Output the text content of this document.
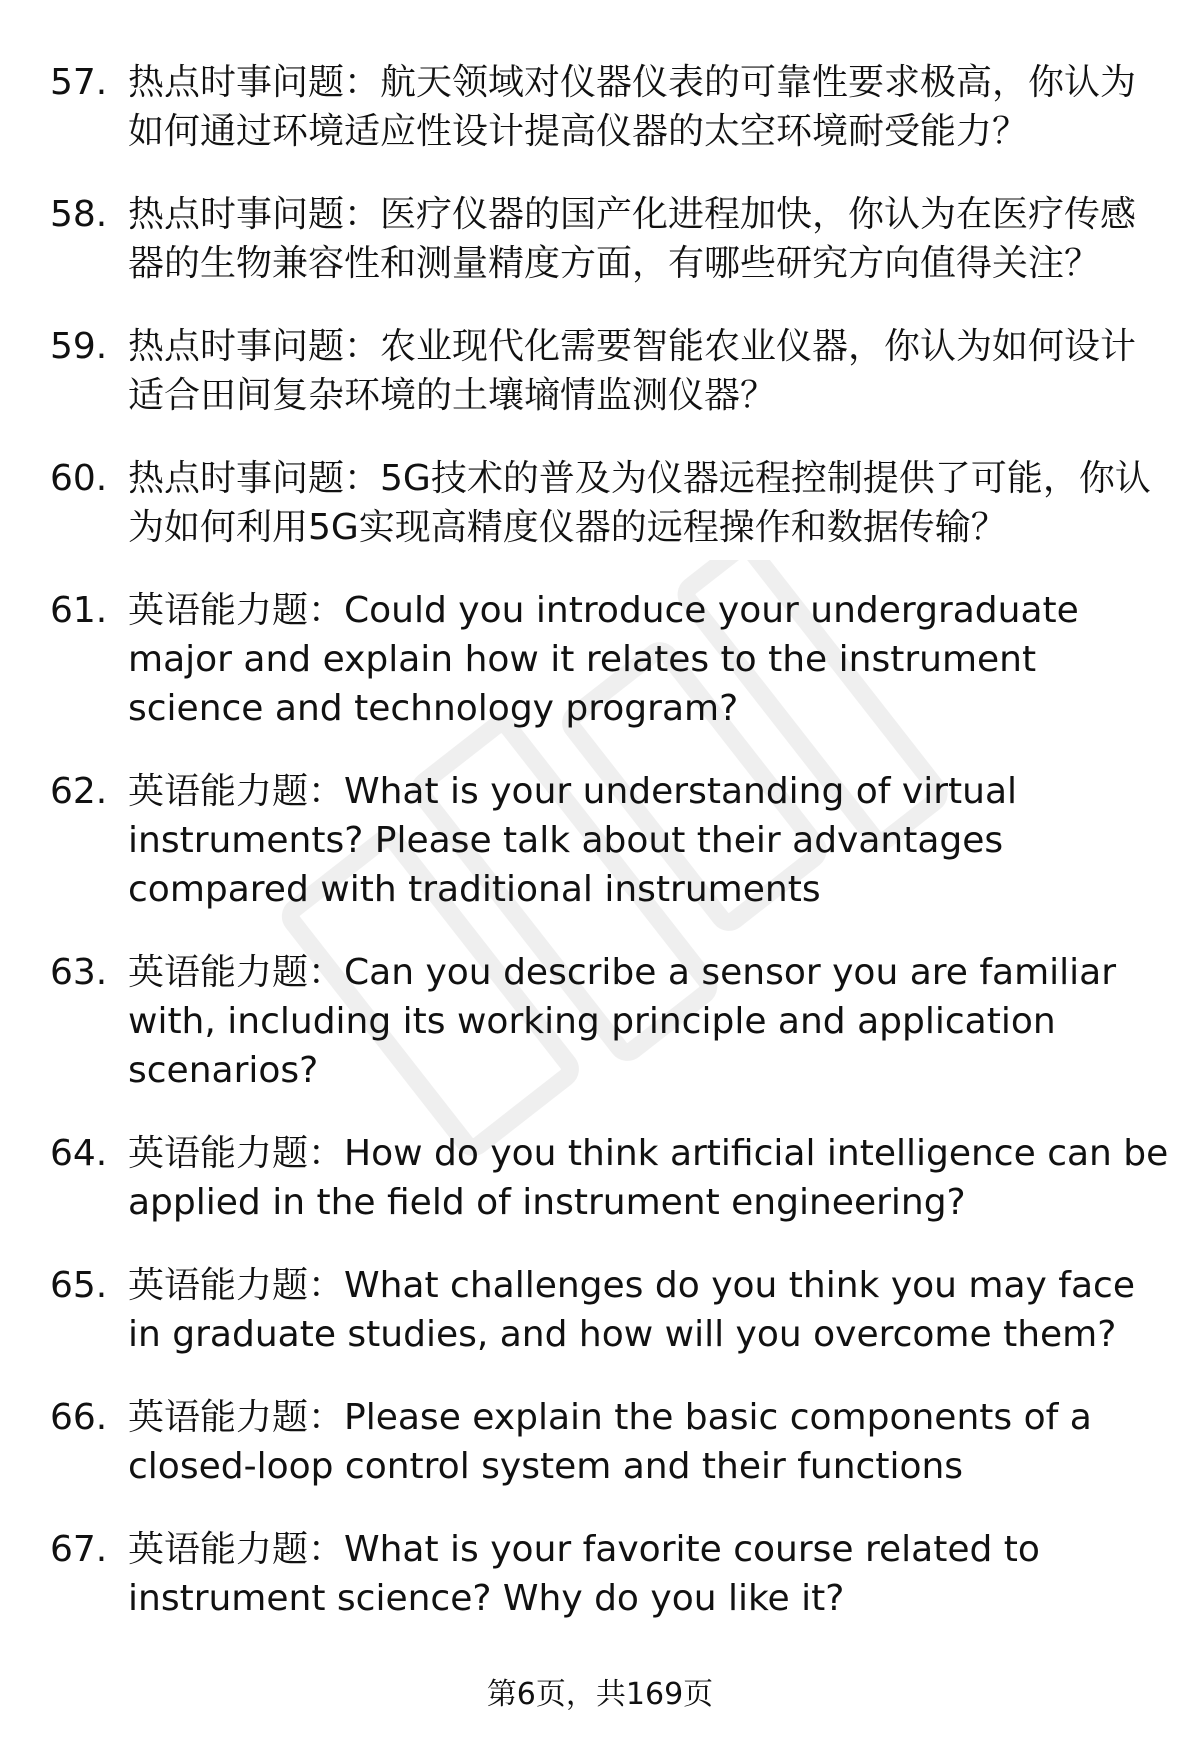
57. 热点时事问题：航天领域对仪器仪表的可靠性要求极高，你认为如何通过环境适应性设计提高仪器的太空环境耐受能力？
58. 热点时事问题：医疗仪器的国产化进程加快，你认为在医疗传感器的生物兼容性和测量精度方面，有哪些研究方向值得关注？
59. 热点时事问题：农业现代化需要智能农业仪器，你认为如何设计适合田间复杂环境的土壤墒情监测仪器？
60. 热点时事问题：5G技术的普及为仪器远程控制提供了可能，你认为如何利用5G实现高精度仪器的远程操作和数据传输？
61. 英语能力题：Could you introduce your undergraduate major and explain how it relates to the instrument science and technology program?
62. 英语能力题：What is your understanding of virtual instruments? Please talk about their advantages compared with traditional instruments
63. 英语能力题：Can you describe a sensor you are familiar with, including its working principle and application scenarios?
64. 英语能力题：How do you think artificial intelligence can be applied in the field of instrument engineering?
65. 英语能力题：What challenges do you think you may face in graduate studies, and how will you overcome them?
66. 英语能力题：Please explain the basic components of a closed-loop control system and their functions
67. 英语能力题：What is your favorite course related to instrument science? Why do you like it?
第6页，共169页
